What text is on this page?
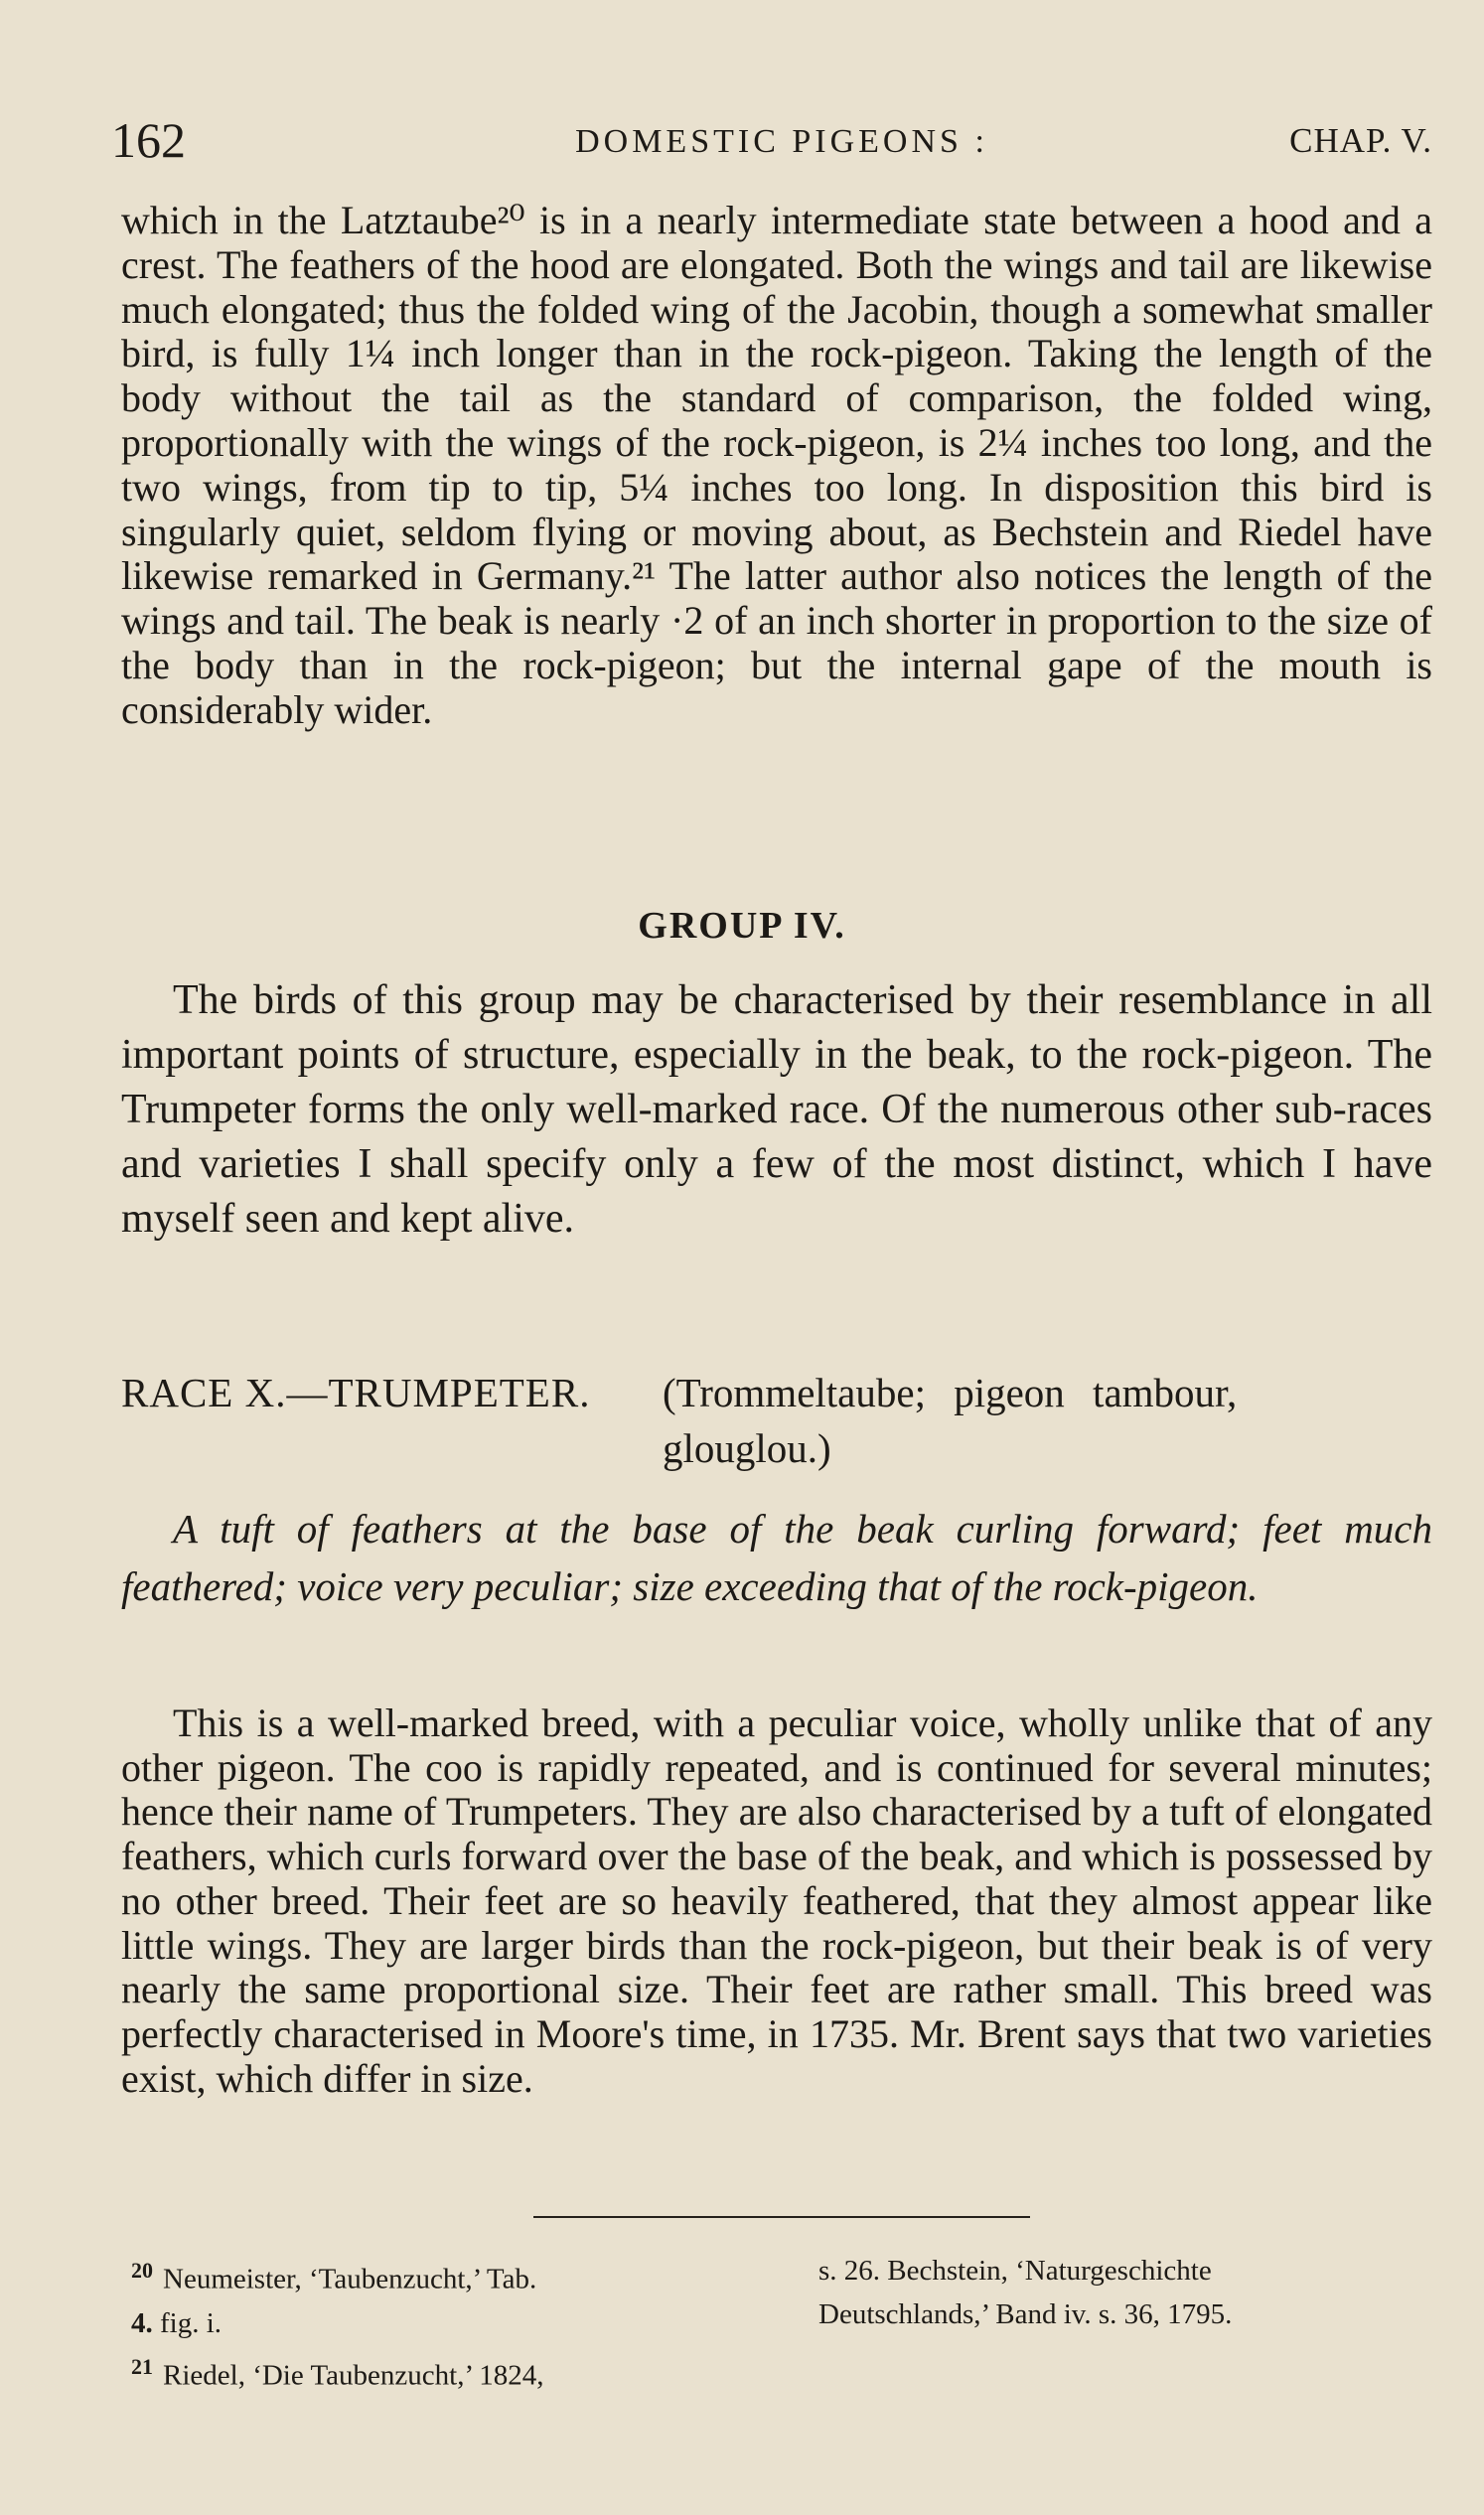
162	DOMESTIC PIGEONS :	CHAP. V.

which in the Latztaube²⁰ is in a nearly intermediate state between a hood and a crest. The feathers of the hood are elongated. Both the wings and tail are likewise much elongated; thus the folded wing of the Jacobin, though a somewhat smaller bird, is fully 1¼ inch longer than in the rock-pigeon. Taking the length of the body without the tail as the standard of comparison, the folded wing, proportionally with the wings of the rock-pigeon, is 2¼ inches too long, and the two wings, from tip to tip, 5¼ inches too long. In disposition this bird is singularly quiet, seldom flying or moving about, as Bechstein and Riedel have likewise remarked in Germany.²¹ The latter author also notices the length of the wings and tail. The beak is nearly ·2 of an inch shorter in proportion to the size of the body than in the rock-pigeon; but the internal gape of the mouth is considerably wider.

GROUP IV.

The birds of this group may be characterised by their resemblance in all important points of structure, especially in the beak, to the rock-pigeon. The Trumpeter forms the only well-marked race. Of the numerous other sub-races and varieties I shall specify only a few of the most distinct, which I have myself seen and kept alive.

RACE X.—TRUMPETER. (Trommeltaube; pigeon tambour,
glouglou.)

A tuft of feathers at the base of the beak curling forward; feet much feathered; voice very peculiar; size exceeding that of the rock-pigeon.

This is a well-marked breed, with a peculiar voice, wholly unlike that of any other pigeon. The coo is rapidly repeated, and is continued for several minutes; hence their name of Trumpeters. They are also characterised by a tuft of elongated feathers, which curls forward over the base of the beak, and which is possessed by no other breed. Their feet are so heavily feathered, that they almost appear like little wings. They are larger birds than the rock-pigeon, but their beak is of very nearly the same proportional size. Their feet are rather small. This breed was perfectly characterised in Moore's time, in 1735. Mr. Brent says that two varieties exist, which differ in size.

$^{20}$ Neumeister, ‘Taubenzucht,’ Tab.
4. fig. i.
$^{21}$ Riedel, ‘Die Taubenzucht,’ 1824,
s. 26. Bechstein, ‘Naturgeschichte
Deutschlands,’ Band iv. s. 36, 1795.
